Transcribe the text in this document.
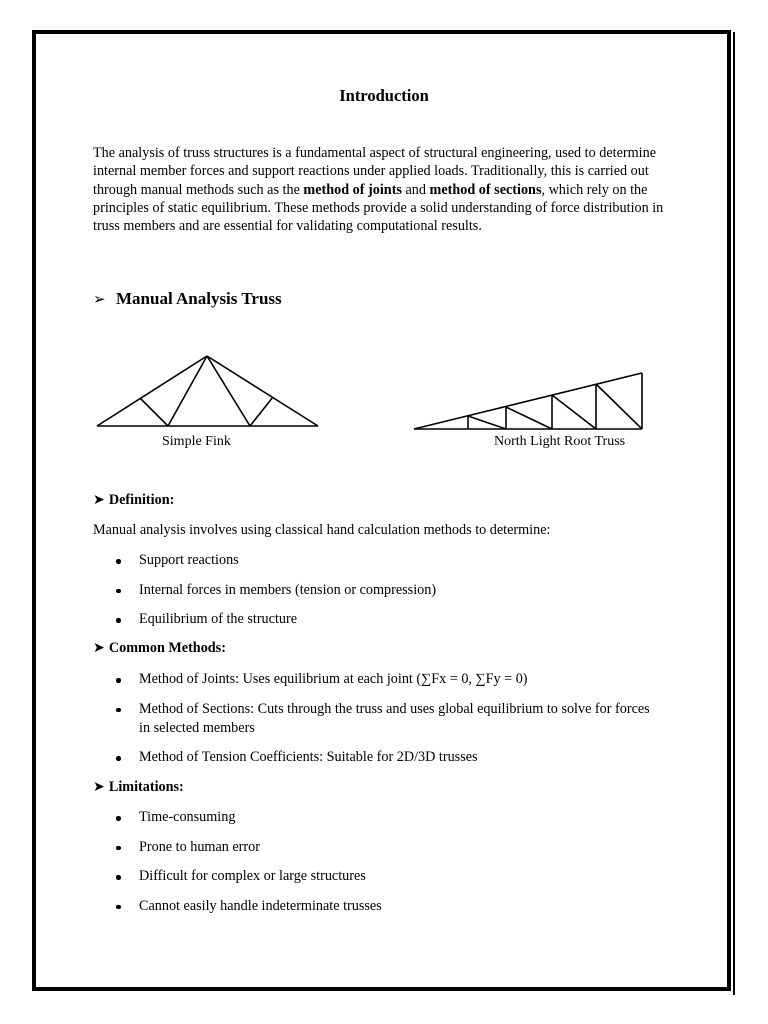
Introduction

The analysis of truss structures is a fundamental aspect of structural engineering, used to determine internal member forces and support reactions under applied loads. Traditionally, this is carried out through manual methods such as the method of joints and method of sections, which rely on the principles of static equilibrium. These methods provide a solid understanding of force distribution in truss members and are essential for validating computational results.

➢ Manual Analysis Truss
Simple Fink	North Light Root Truss
➤ Definition:
Manual analysis involves using classical hand calculation methods to determine:
Support reactions
Internal forces in members (tension or compression)
Equilibrium of the structure
➤ Common Methods:
Method of Joints: Uses equilibrium at each joint (∑Fx = 0, ∑Fy = 0)
Method of Sections: Cuts through the truss and uses global equilibrium to solve for forces in selected members
Method of Tension Coefficients: Suitable for 2D/3D trusses
➤ Limitations:
Time-consuming
Prone to human error
Difficult for complex or large structures
Cannot easily handle indeterminate trusses
